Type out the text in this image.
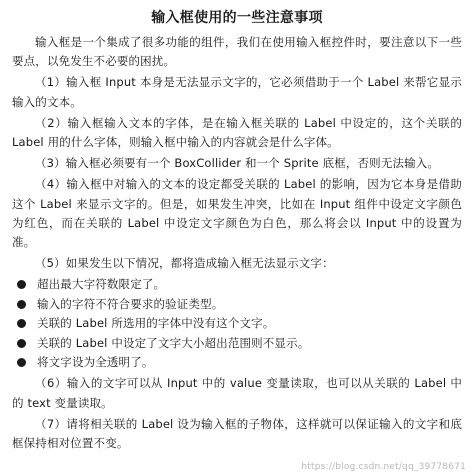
输入框使用的一些注意事项

输入框是一个集成了很多功能的组件，我们在使用输入框控件时，要注意以下一些要点，以免发生不必要的困扰。

（1）输入框 Input 本身是无法显示文字的，它必须借助于一个 Label 来帮它显示输入的文本。

（2）输入框输入文本的字体，是在输入框关联的 Label 中设定的，这个关联的 Label 用的什么字体，则输入框中输入的内容就会是什么字体。

（3）输入框必须要有一个 BoxCollider 和一个 Sprite 底框，否则无法输入。

（4）输入框中对输入的文本的设定都受关联的 Label 的影响，因为它本身是借助这个 Label 来显示文字的。但是，如果发生冲突，比如在 Input 组件中设定文字颜色为红色，而在关联的 Label 中设定文字颜色为白色，那么将会以 Input 中的设置为准。

（5）如果发生以下情况，都将造成输入框无法显示文字：

超出最大字符数限定了。
输入的字符不符合要求的验证类型。
关联的 Label 所选用的字体中没有这个文字。
关联的 Label 中设定了文字大小超出范围则不显示。
将文字设为全透明了。

（6）输入的文字可以从 Input 中的 value 变量读取，也可以从关联的 Label 中的 text 变量读取。

（7）请将相关联的 Label 设为输入框的子物体，这样就可以保证输入的文字和底框保持相对位置不变。

https://blog.csdn.net/qq_39778671
